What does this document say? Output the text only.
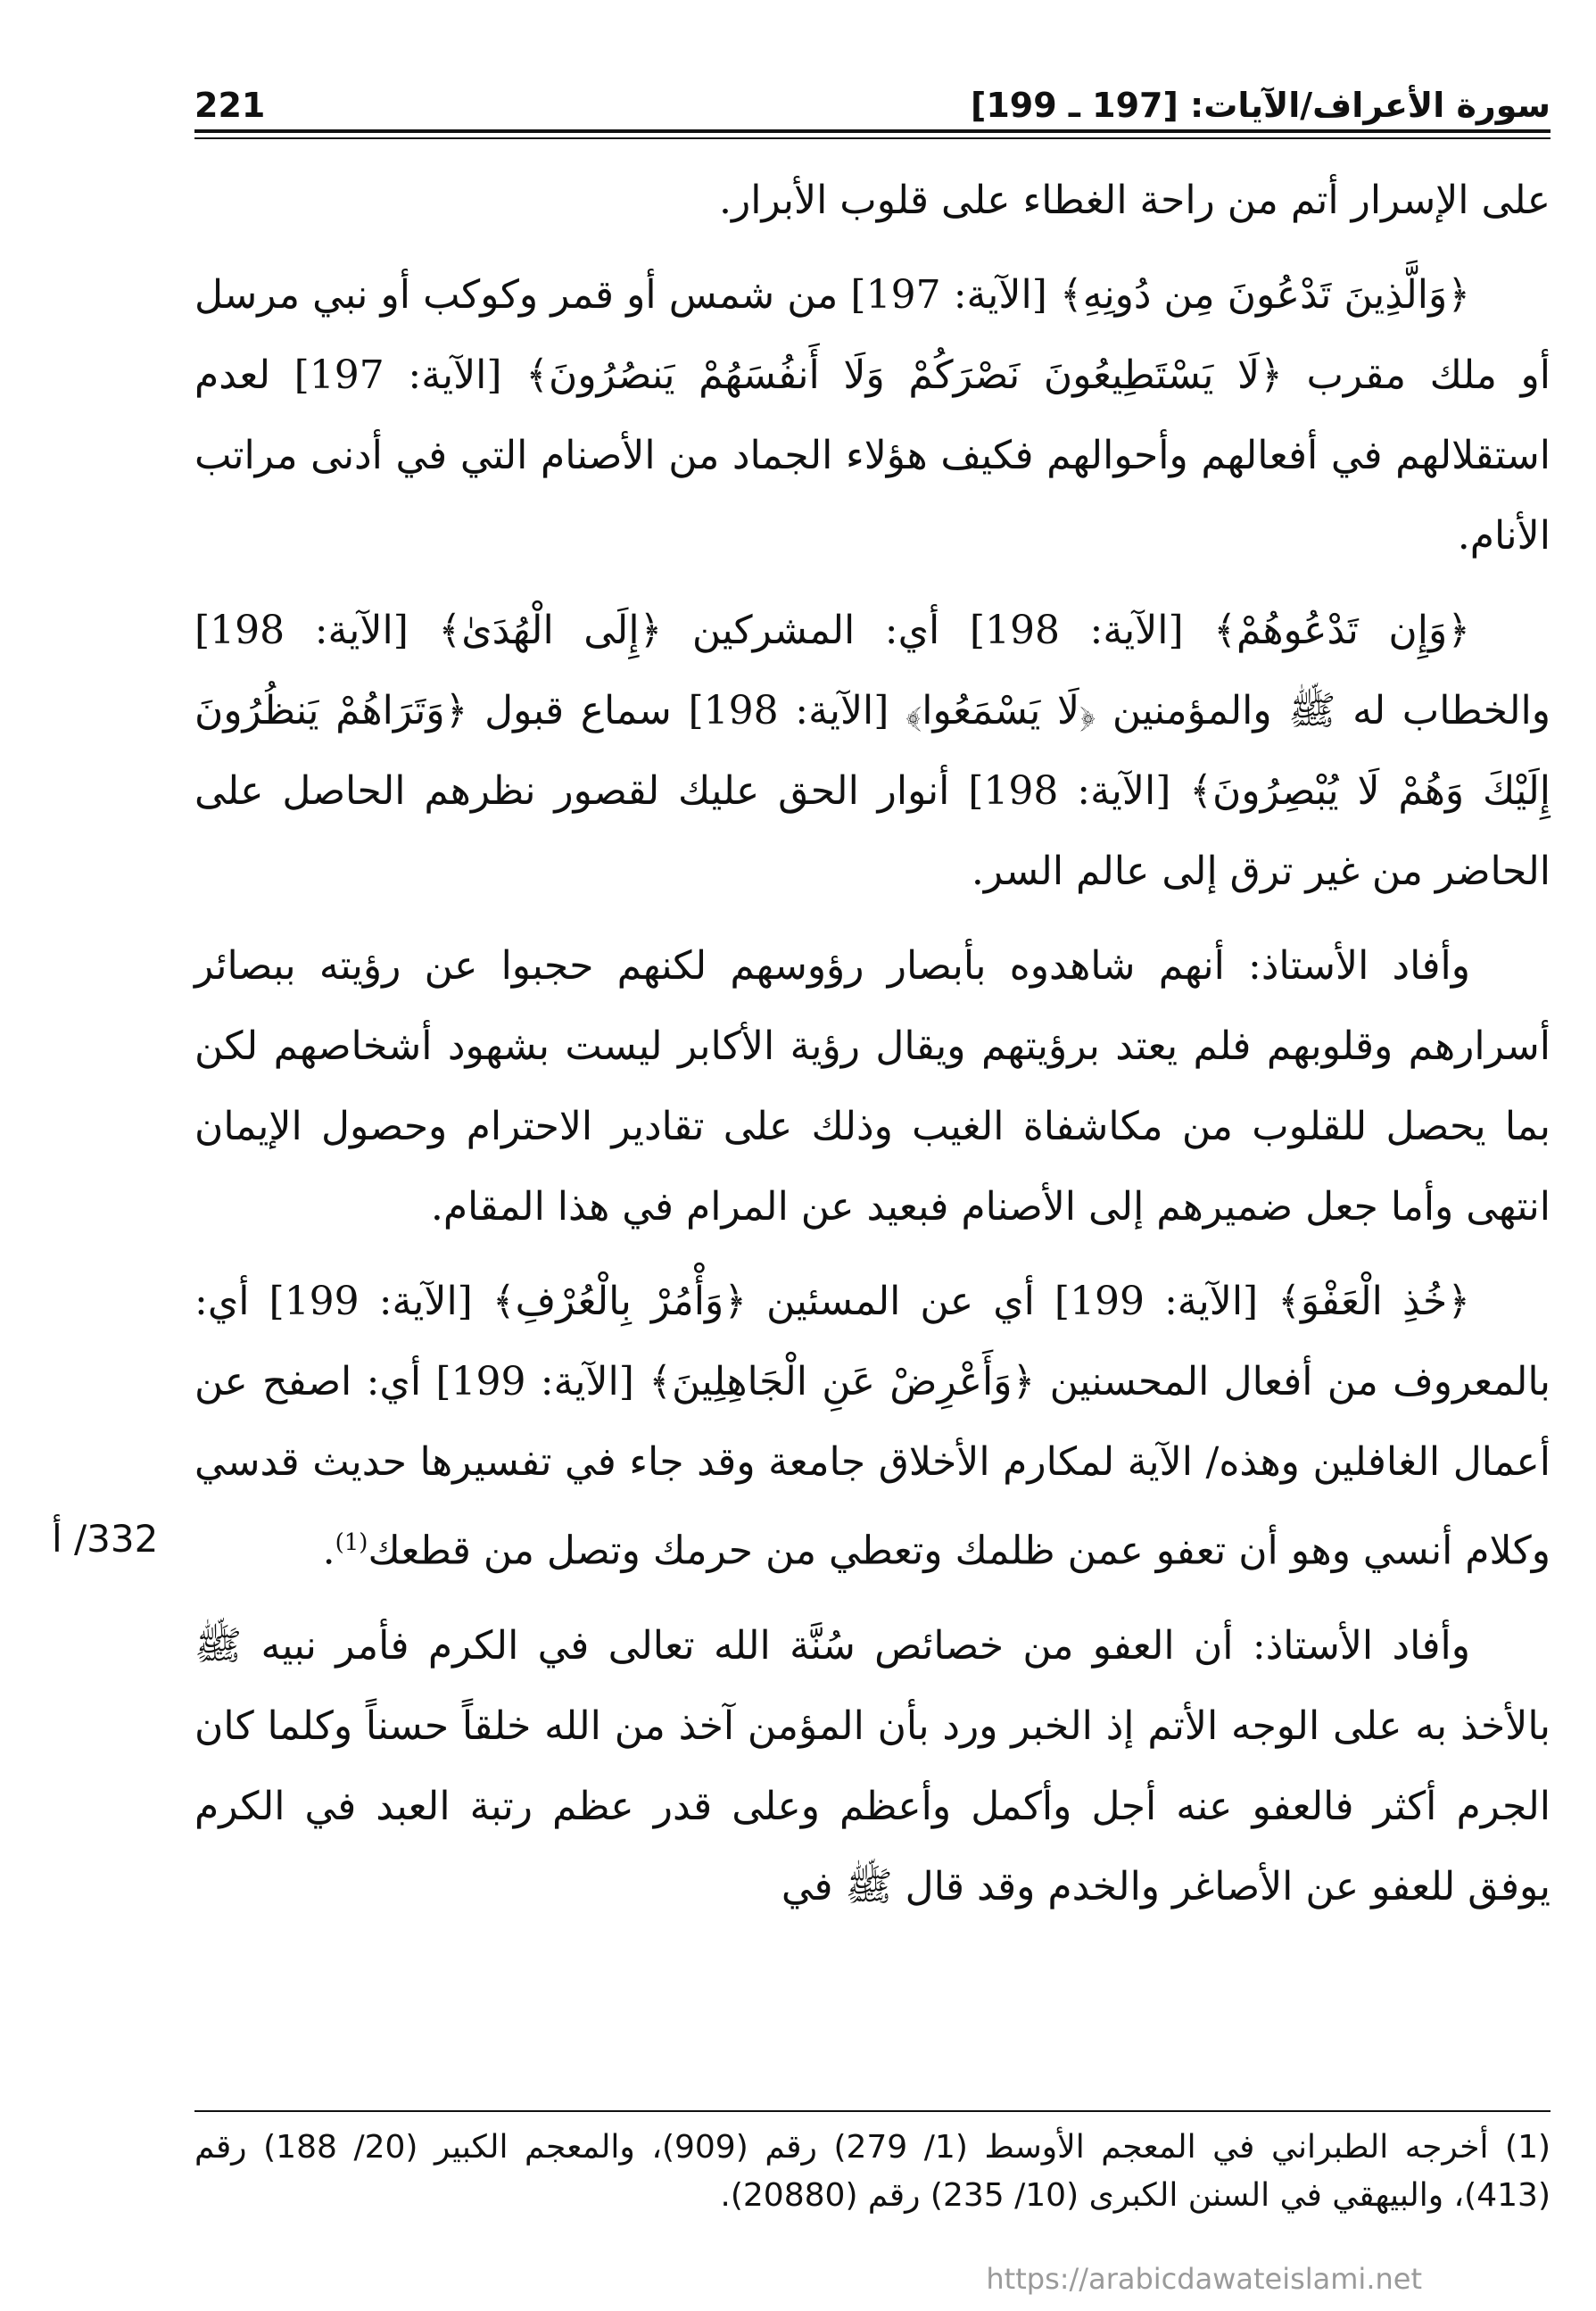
221	سورة الأعراف/الآيات: [197 ـ 199]

على الإسرار أتم من راحة الغطاء على قلوب الأبرار.

﴿وَالَّذِينَ تَدْعُونَ مِن دُونِهِ﴾ [الآية: 197] من شمس أو قمر وكوكب أو نبي مرسل أو ملك مقرب ﴿لَا يَسْتَطِيعُونَ نَصْرَكُمْ وَلَا أَنفُسَهُمْ يَنصُرُونَ﴾ [الآية: 197] لعدم استقلالهم في أفعالهم وأحوالهم فكيف هؤلاء الجماد من الأصنام التي في أدنى مراتب الأنام.

﴿وَإِن تَدْعُوهُمْ﴾ [الآية: 198] أي: المشركين ﴿إِلَى الْهُدَىٰ﴾ [الآية: 198] والخطاب له ﷺ والمؤمنين ﴿لَا يَسْمَعُوا﴾ [الآية: 198] سماع قبول ﴿وَتَرَاهُمْ يَنظُرُونَ إِلَيْكَ وَهُمْ لَا يُبْصِرُونَ﴾ [الآية: 198] أنوار الحق عليك لقصور نظرهم الحاصل على الحاضر من غير ترق إلى عالم السر.

وأفاد الأستاذ: أنهم شاهدوه بأبصار رؤوسهم لكنهم حجبوا عن رؤيته ببصائر أسرارهم وقلوبهم فلم يعتد برؤيتهم ويقال رؤية الأكابر ليست بشهود أشخاصهم لكن بما يحصل للقلوب من مكاشفاة الغيب وذلك على تقادير الاحترام وحصول الإيمان انتهى وأما جعل ضميرهم إلى الأصنام فبعيد عن المرام في هذا المقام.

﴿خُذِ الْعَفْوَ﴾ [الآية: 199] أي عن المسئين ﴿وَأْمُرْ بِالْعُرْفِ﴾ [الآية: 199] أي: بالمعروف من أفعال المحسنين ﴿وَأَعْرِضْ عَنِ الْجَاهِلِينَ﴾ [الآية: 199] أي: اصفح عن أعمال الغافلين وهذه/ الآية لمكارم الأخلاق جامعة وقد جاء في تفسيرها حديث قدسي وكلام أنسي وهو أن تعفو عمن ظلمك وتعطي من حرمك وتصل من قطعك$^{(1)}$.

وأفاد الأستاذ: أن العفو من خصائص سُنَّة الله تعالى في الكرم فأمر نبيه ﷺ بالأخذ به على الوجه الأتم إذ الخبر ورد بأن المؤمن آخذ من الله خلقاً حسناً وكلما كان الجرم أكثر فالعفو عنه أجل وأكمل وأعظم وعلى قدر عظم رتبة العبد في الكرم يوفق للعفو عن الأصاغر والخدم وقد قال ﷺ في

332/ أ
(1) أخرجه الطبراني في المعجم الأوسط (1/ 279) رقم (909)، والمعجم الكبير (20/ 188) رقم (413)، والبيهقي في السنن الكبرى (10/ 235) رقم (20880).
https://arabicdawateislami.net
